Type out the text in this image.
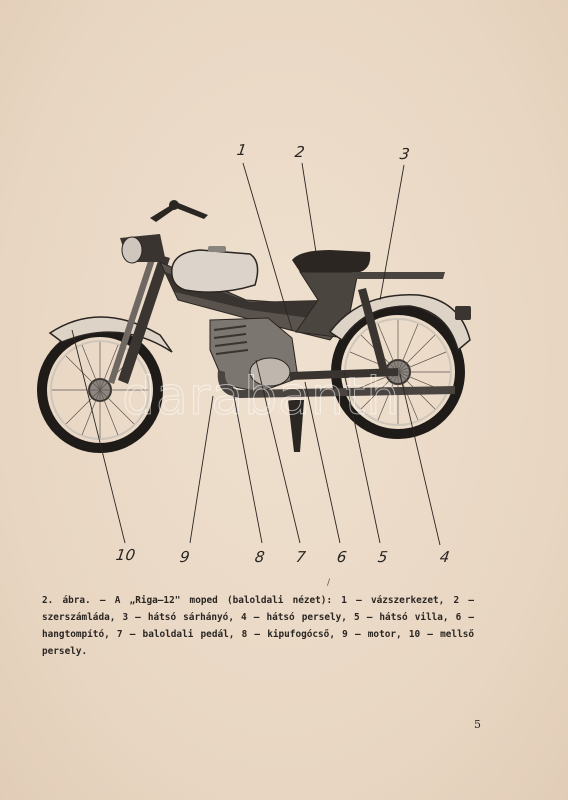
1	2	3
4
5
6
7
8
9
10
darabanth
/
2. ábra. — A „Riga—12" moped (baloldali nézet): 1 — vázszerkezet, 2 — szerszámláda, 3 — hátsó sárhányó, 4 — hátsó persely, 5 — hátsó villa, 6 — hangtompító, 7 — baloldali pedál, 8 — kipufogócső, 9 — motor, 10 — mellső persely.
5
